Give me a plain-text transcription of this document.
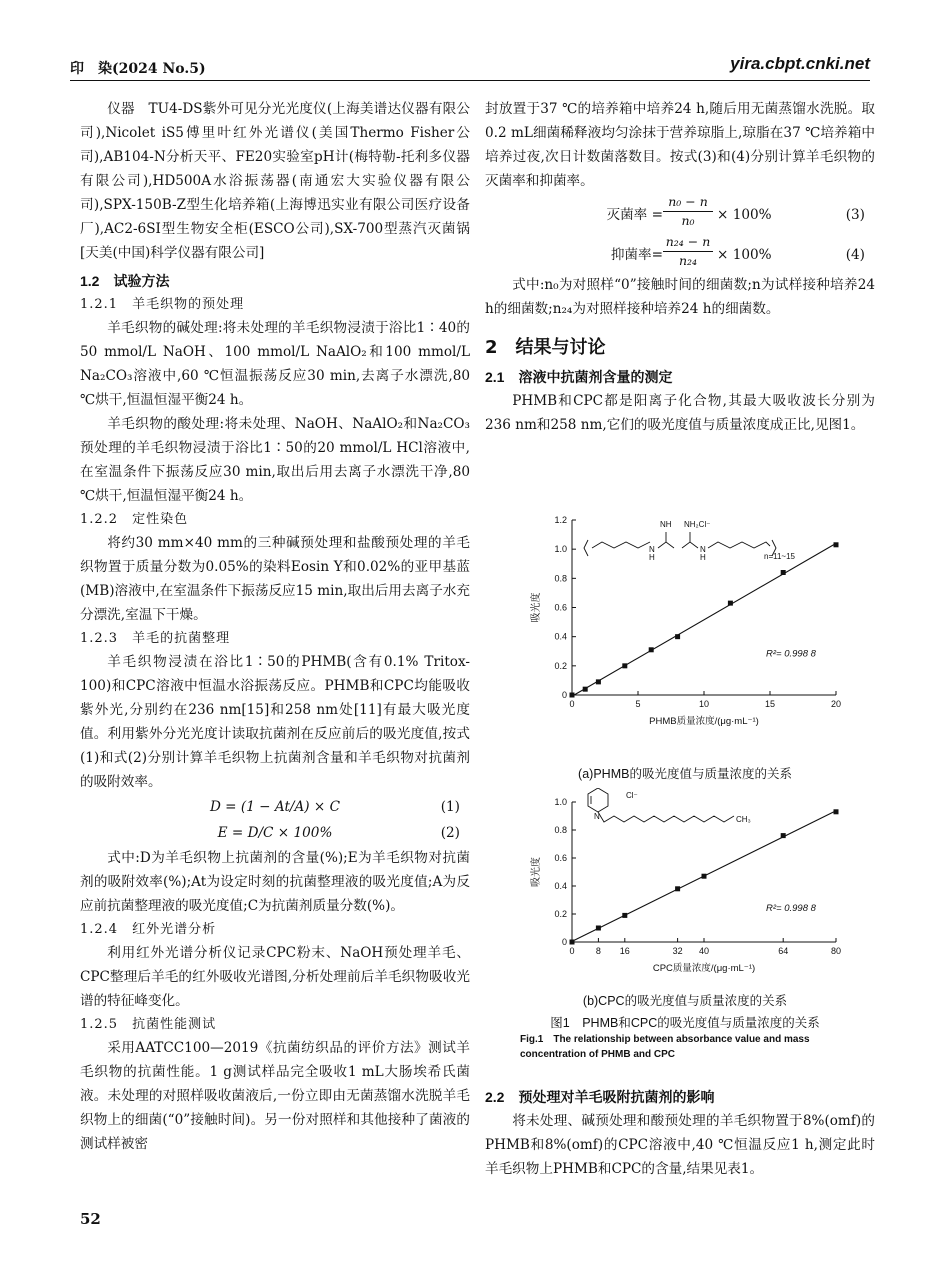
印　染(2024 No.5)	yira.cbpt.cnki.net

仪器　TU4-DS紫外可见分光光度仪(上海美谱达仪器有限公司),Nicolet iS5傅里叶红外光谱仪(美国Thermo Fisher公司),AB104-N分析天平、FE20实验室pH计(梅特勒-托利多仪器有限公司),HD500A水浴振荡器(南通宏大实验仪器有限公司),SPX-150B-Z型生化培养箱(上海博迅实业有限公司医疗设备厂),AC2-6SI型生物安全柜(ESCO公司),SX-700型蒸汽灭菌锅[天美(中国)科学仪器有限公司]

1.2　试验方法
1.2.1　羊毛织物的预处理

羊毛织物的碱处理:将未处理的羊毛织物浸渍于浴比1∶40的50 mmol/L NaOH、100 mmol/L NaAlO₂和100 mmol/L Na₂CO₃溶液中,60 ℃恒温振荡反应30 min,去离子水漂洗,80 ℃烘干,恒温恒湿平衡24 h。

羊毛织物的酸处理:将未处理、NaOH、NaAlO₂和Na₂CO₃预处理的羊毛织物浸渍于浴比1∶50的20 mmol/L HCl溶液中,在室温条件下振荡反应30 min,取出后用去离子水漂洗干净,80 ℃烘干,恒温恒湿平衡24 h。

1.2.2　定性染色

将约30 mm×40 mm的三种碱预处理和盐酸预处理的羊毛织物置于质量分数为0.05%的染料Eosin Y和0.02%的亚甲基蓝(MB)溶液中,在室温条件下振荡反应15 min,取出后用去离子水充分漂洗,室温下干燥。

1.2.3　羊毛的抗菌整理

羊毛织物浸渍在浴比1∶50的PHMB(含有0.1% Tritox-100)和CPC溶液中恒温水浴振荡反应。PHMB和CPC均能吸收紫外光,分别约在236 nm[15]和258 nm处[11]有最大吸光度值。利用紫外分光光度计读取抗菌剂在反应前后的吸光度值,按式(1)和式(2)分别计算羊毛织物上抗菌剂含量和羊毛织物对抗菌剂的吸附效率。

D = (1 − At/A) × C	(1)
E = D/C × 100%	(2)

式中:D为羊毛织物上抗菌剂的含量(%);E为羊毛织物对抗菌剂的吸附效率(%);At为设定时刻的抗菌整理液的吸光度值;A为反应前抗菌整理液的吸光度值;C为抗菌剂质量分数(%)。

1.2.4　红外光谱分析

利用红外光谱分析仪记录CPC粉末、NaOH预处理羊毛、CPC整理后羊毛的红外吸收光谱图,分析处理前后羊毛织物吸收光谱的特征峰变化。

1.2.5　抗菌性能测试

采用AATCC100—2019《抗菌纺织品的评价方法》测试羊毛织物的抗菌性能。1 g测试样品完全吸收1 mL大肠埃希氏菌液。未处理的对照样吸收菌液后,一份立即由无菌蒸馏水洗脱羊毛织物上的细菌(“0”接触时间)。另一份对照样和其他接种了菌液的测试样被密

封放置于37 ℃的培养箱中培养24 h,随后用无菌蒸馏水洗脱。取0.2 mL细菌稀释液均匀涂抹于营养琼脂上,琼脂在37 ℃培养箱中培养过夜,次日计数菌落数目。按式(3)和(4)分别计算羊毛织物的灭菌率和抑菌率。

灭菌率 = $\frac{\text{n₀ − n}}{\text{n₀}} \times 100\%$	(3)
抑菌率= $\frac{\text{n₂₄ − n}}{\text{n₂₄}} \times 100\%$	(4)

式中:n₀为对照样“0”接触时间的细菌数;n为试样接种培养24 h的细菌数;n₂₄为对照样接种培养24 h的细菌数。

2　结果与讨论
2.1　溶液中抗菌剂含量的测定

PHMB和CPC都是阳离子化合物,其最大吸收波长分别为236 nm和258 nm,它们的吸光度值与质量浓度成正比,见图1。

0
0.2
0.4
0.6
0.8
1.0
1.2
0	5	10	15	20
R²= 0.998 8
PHMB质量浓度/(μg·mL⁻¹)
吸光度
NH NH₂Cl⁻
N
H
N
H	n=11~15
(a)PHMB的吸光度值与质量浓度的关系
0
0.2
0.4
0.6
0.8
1.0
0 8 16	32 40	64	80
R²= 0.998 8
CPC质量浓度/(μg·mL⁻¹)
吸光度
N
Cl⁻
CH₃
(b)CPC的吸光度值与质量浓度的关系
图1　PHMB和CPC的吸光度值与质量浓度的关系
Fig.1　The relationship between absorbance value and mass concentration of PHMB and CPC
2.2　预处理对羊毛吸附抗菌剂的影响

将未处理、碱预处理和酸预处理的羊毛织物置于8%(omf)的PHMB和8%(omf)的CPC溶液中,40 ℃恒温反应1 h,测定此时羊毛织物上PHMB和CPC的含量,结果见表1。

52
